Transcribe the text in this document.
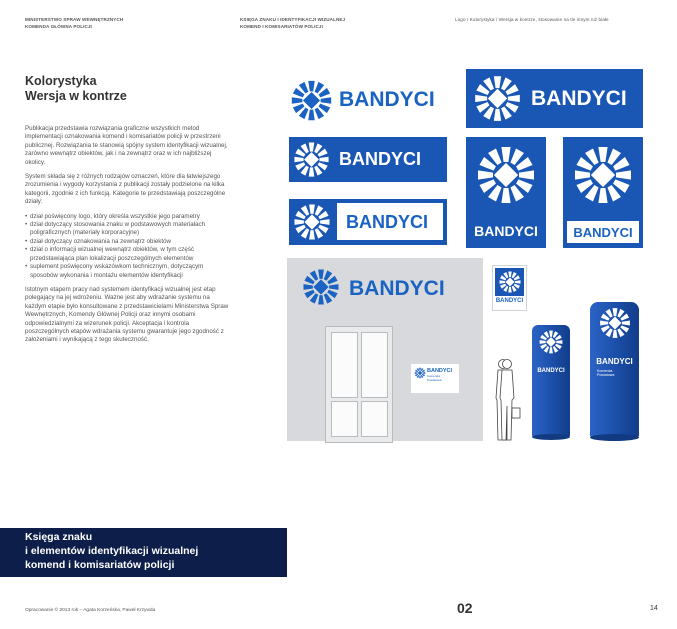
MINISTERSTWO SPRAW WEWNĘTRZNYCH
KOMENDA GŁÓWNA POLICJI
KSIĘGA ZNAKU I IDENTYFIKACJI WIZUALNEJ
KOMEND I KOMISARIATÓW POLICJI
Logo / Kolorystyka / Wersja w kontrze, stosowanie na tle innym niż białe
Kolorystyka
Wersja w kontrze

Publikacja przedstawia rozwiązania graficzne wszystkich metod implementacji oznakowania komend i komisariatów policji w przestrzeni publicznej. Rozwiązania te stanowią spójny system identyfikacji wizualnej, zarówno wewnątrz obiektów, jak i na zewnątrz oraz w ich najbliższej okolicy.

System składa się z różnych rodzajów oznaczeń, które dla łatwiejszego zrozumienia i wygody korzystania z publikacji zostały podzielone na kilka kategorii, zgodnie z ich funkcją. Kategorie te przedstawiają poszczególne działy:

• dział poświęcony logo, który określa wszystkie jego parametry
• dział dotyczący stosowania znaku w podstawowych materiałach poligraficznych (materiały korporacyjne)
• dział dotyczący oznakowania na zewnątrz obiektów
• dział o informacji wizualnej wewnątrz obiektów, w tym część przedstawiająca plan lokalizacji poszczególnych elementów
• suplement poświęcony wskazówkom technicznym, dotyczącym sposobów wykonania i montażu elementów identyfikacji

Istotnym etapem pracy nad systemem identyfikacji wizualnej jest etap polegający na jej wdrożeniu. Ważne jest aby wdrażanie systemu na każdym etapie było konsultowane z przedstawicielami Ministerstwa Spraw Wewnętrznych, Komendy Głównej Policji oraz innymi osobami odpowiedzialnymi za wizerunek policji. Akceptacja i kontrola poszczególnych etapów wdrażania systemu gwarantuje jego zgodność z założeniami i wynikającą z tego skuteczność.

Księga znaku
i elementów identyfikacji wizualnej
komend i komisariatów policji
Opracowanie © 2013 rok – Agata Korzeńska, Paweł Krzywda	02	14
BANDYCI	BANDYCI
BANDYCI
BANDYCI	BANDYCI	BANDYCI
BANDYCI
BANDYCI
Komenda
Powiatowa
BANDYCI
BANDYCI
BANDYCI
Komenda
Powiatowa
